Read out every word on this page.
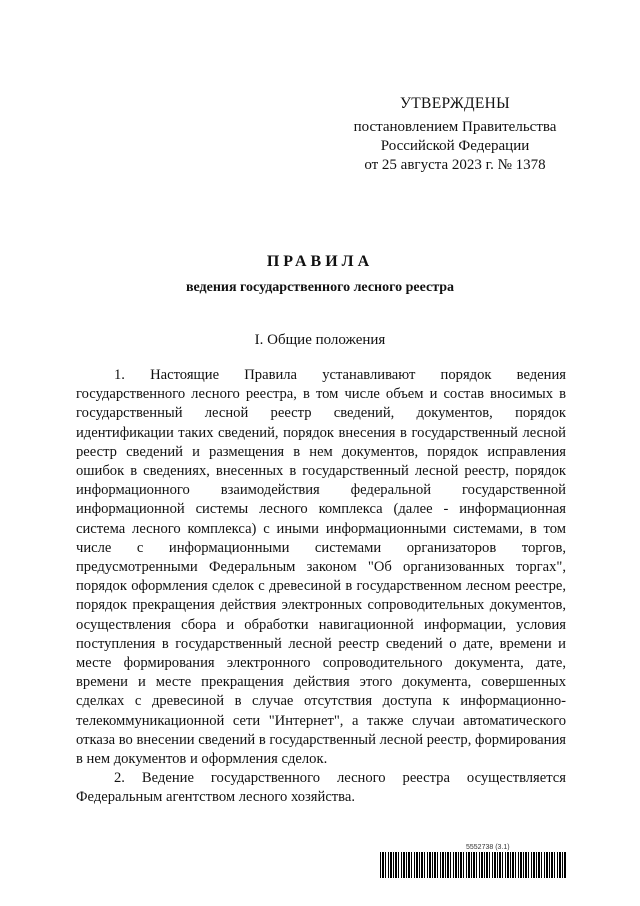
УТВЕРЖДЕНЫ
постановлением Правительства
Российской Федерации
от 25 августа 2023 г. № 1378
ПРАВИЛА
ведения государственного лесного реестра
I. Общие положения

1. Настоящие Правила устанавливают порядок ведения государственного лесного реестра, в том числе объем и состав вносимых в государственный лесной реестр сведений, документов, порядок идентификации таких сведений, порядок внесения в государственный лесной реестр сведений и размещения в нем документов, порядок исправления ошибок в сведениях, внесенных в государственный лесной реестр, порядок информационного взаимодействия федеральной государственной информационной системы лесного комплекса (далее - информационная система лесного комплекса) с иными информационными системами, в том числе с информационными системами организаторов торгов, предусмотренными Федеральным законом "Об организованных торгах", порядок оформления сделок с древесиной в государственном лесном реестре, порядок прекращения действия электронных сопроводительных документов, осуществления сбора и обработки навигационной информации, условия поступления в государственный лесной реестр сведений о дате, времени и месте формирования электронного сопроводительного документа, дате, времени и месте прекращения действия этого документа, совершенных сделках с древесиной в случае отсутствия доступа к информационно-телекоммуникационной сети "Интернет", а также случаи автоматического отказа во внесении сведений в государственный лесной реестр, формирования в нем документов и оформления сделок.

2. Ведение государственного лесного реестра осуществляется Федеральным агентством лесного хозяйства.

5552738 (3.1)
